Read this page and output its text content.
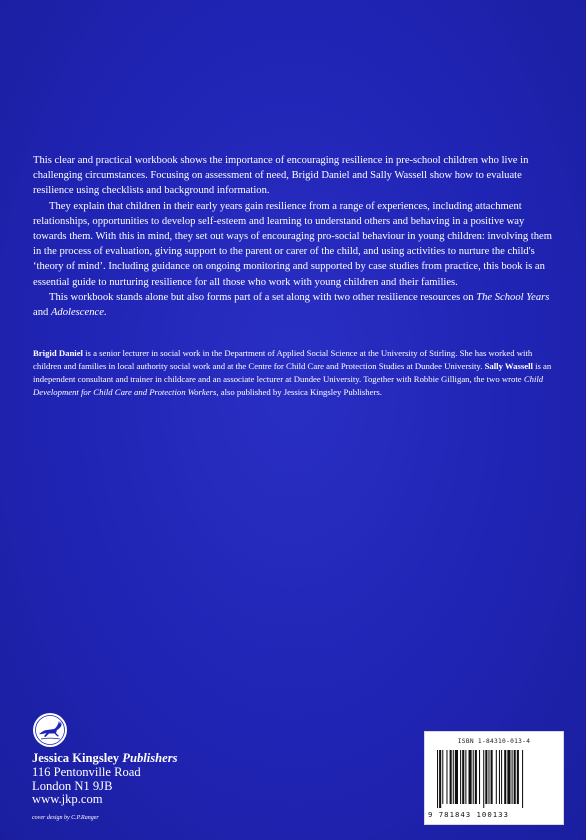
This clear and practical workbook shows the importance of encouraging resilience in pre-school children who live in challenging circumstances. Focusing on assessment of need, Brigid Daniel and Sally Wassell show how to evaluate resilience using checklists and background information.

They explain that children in their early years gain resilience from a range of experiences, including attachment relationships, opportunities to develop self-esteem and learning to understand others and behaving in a positive way towards them. With this in mind, they set out ways of encouraging pro-social behaviour in young children: involving them in the process of evaluation, giving support to the parent or carer of the child, and using activities to nurture the child's ‘theory of mind’. Including guidance on ongoing monitoring and supported by case studies from practice, this book is an essential guide to nurturing resilience for all those who work with young children and their families.

This workbook stands alone but also forms part of a set along with two other resilience resources on The School Years and Adolescence.

Brigid Daniel is a senior lecturer in social work in the Department of Applied Social Science at the University of Stirling. She has worked with children and families in local authority social work and at the Centre for Child Care and Protection Studies at Dundee University. Sally Wassell is an independent consultant and trainer in childcare and an associate lecturer at Dundee University. Together with Robbie Gilligan, the two wrote Child Development for Child Care and Protection Workers, also published by Jessica Kingsley Publishers.
Jessica Kingsley Publishers
116 Pentonville Road
London N1 9JB
www.jkp.com
cover design by C.P.Ranger
ISBN 1-84310-013-4
9 781843 100133
